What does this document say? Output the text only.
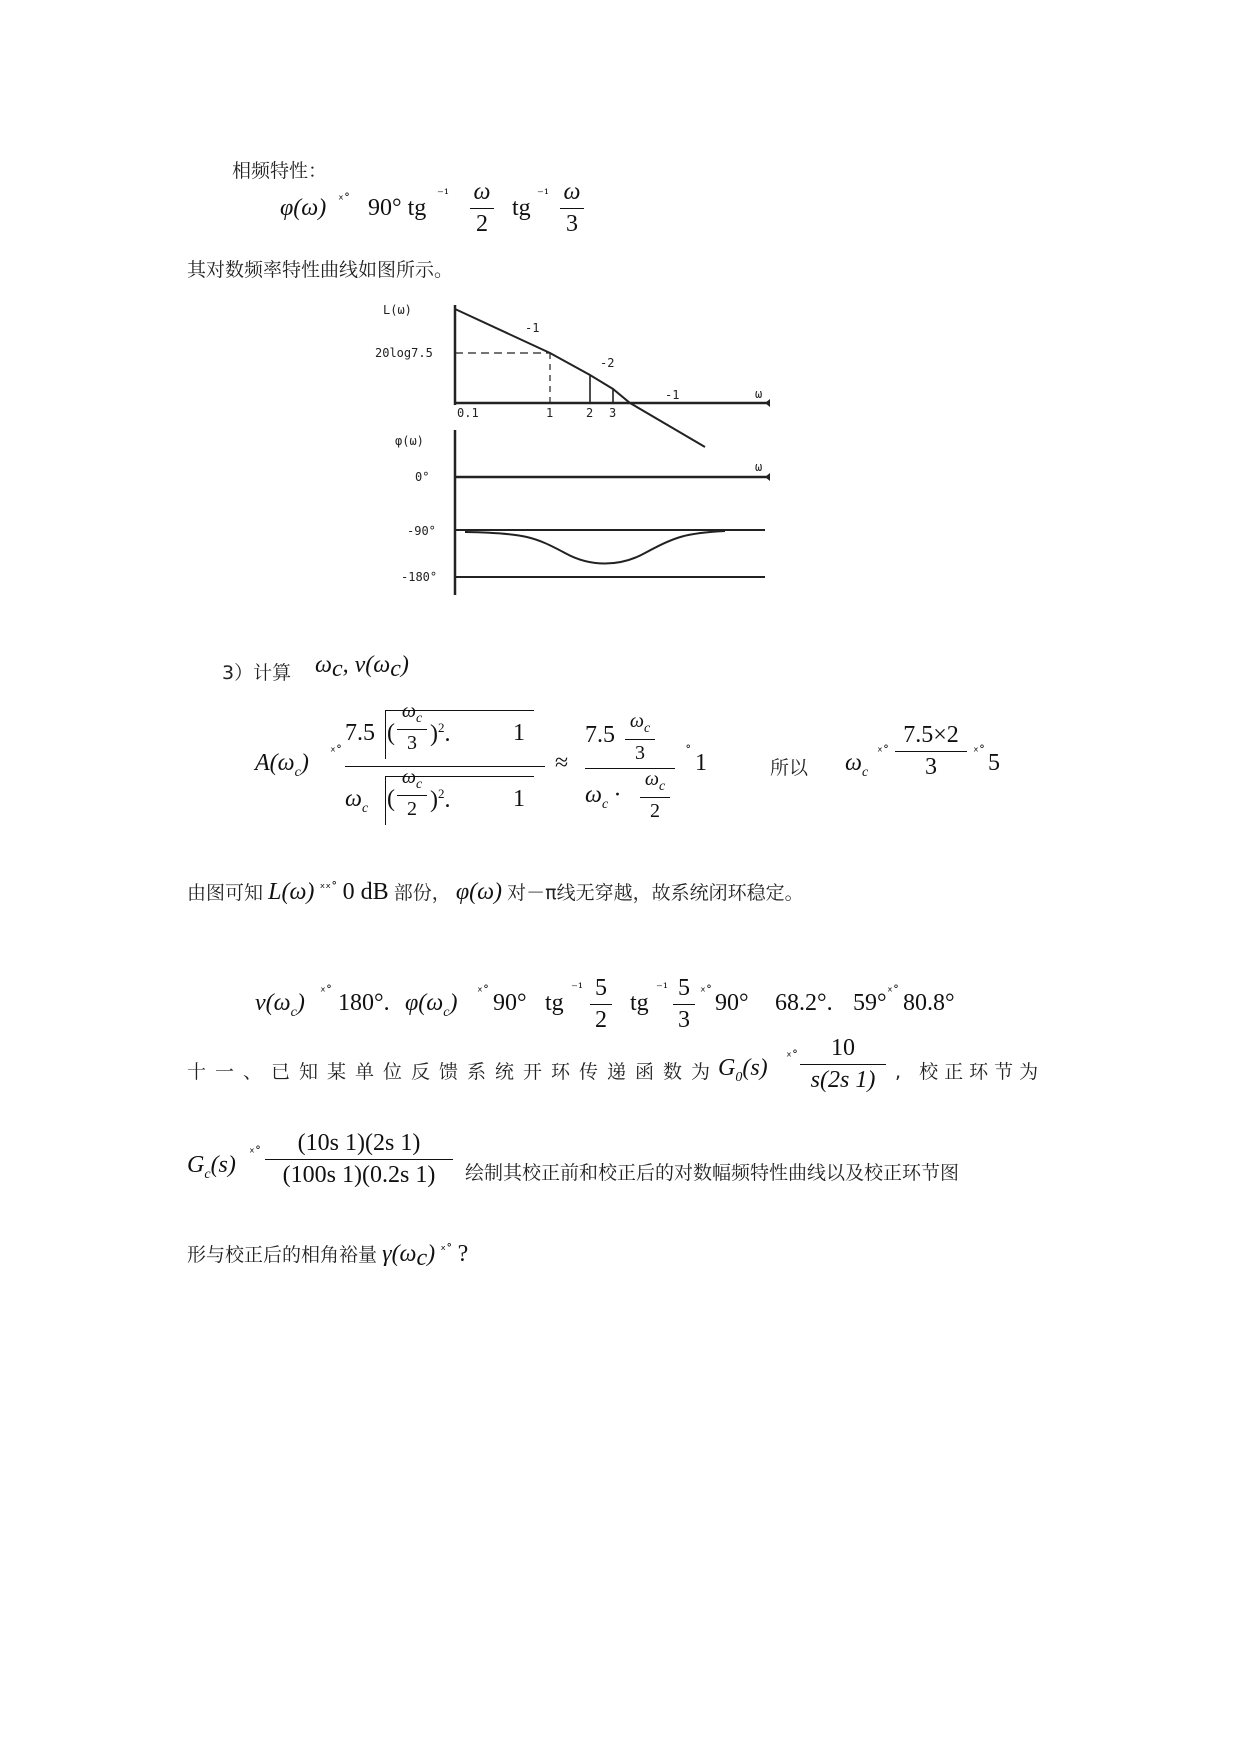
相频特性：
φ(ω) ˣ˚ 90° tg
⁻¹ ω
2
tg
⁻¹ ω
3
其对数频率特性曲线如图所示。
L(ω)
20log7.5
ω
-1
-2
-1
0.1	1	2 3
φ(ω)
ω
0°
-90°
-180°
3）计算 $\omega_c$, $v(\omega_c)$
$A(\omega_c)$ ˣ˚
7.5
$\omega_c$
3 )$^2$.
(	1
$\omega_c$
$\omega_c$
2
( )$^2$.	1
≈
7.5
$\omega_c$
3
$\omega_c$ ·
$\omega_c$
2
˚ 1	所以 $\omega_c$
ˣ˚
7.5×2
3
ˣ˚ 5
由图可知 L(ω) $^{ˣˣ˚}$ 0 dB 部份， φ(ω) 对－π线无穿越，故系统闭环稳定。
$v(\omega_c)$ ˣ˚ 180°. $\varphi(\omega_c)$ ˣ˚ 90° tg
⁻¹ 5
2
tg
⁻¹ 5
3
ˣ˚ 90° 68.2°. 59° ˣ˚ 80.8°
十一、已知某单位反馈系统开环传递函数为
$G_0(s)$ ˣ˚	10
s(2s 1)	, 校正环节为
$G_c(s)$ ˣ˚	(10s 1)(2s 1)
(100s 1)(0.2s 1)	绘制其校正前和校正后的对数幅频特性曲线以及校正环节图
形与校正后的相角裕量 $\gamma(\omega_c)$ $^{ˣ˚}$ ?
